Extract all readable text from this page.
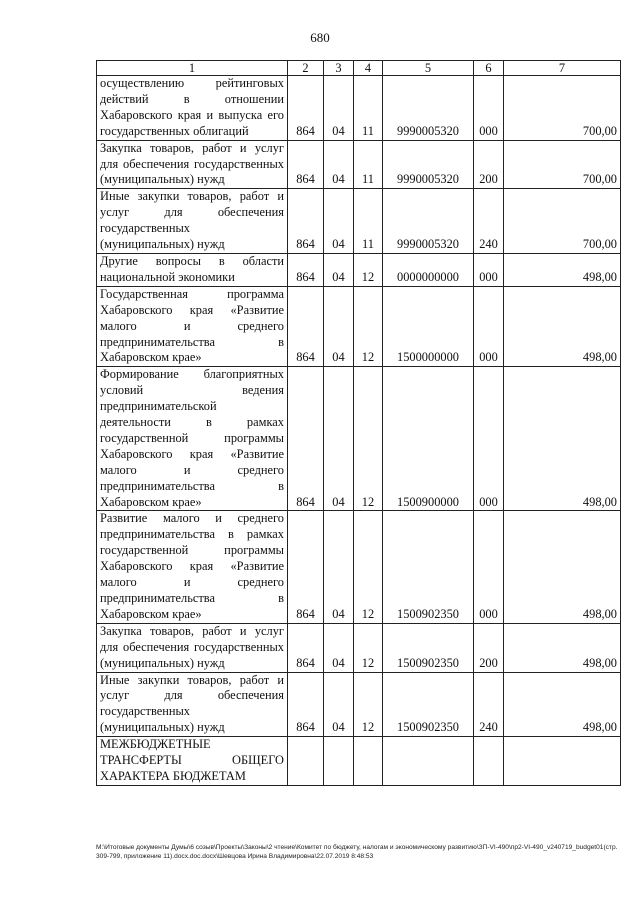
680
1	2	3	4	5	6	7
осуществлению рейтинговых действий в отношении Хабаровского края и выпуска его государственных облигаций	864	04	11	9990005320	000	700,00
Закупка товаров, работ и услуг для обеспечения государственных (муниципальных) нужд	864	04	11	9990005320	200	700,00
Иные закупки товаров, работ и услуг для обеспечения государственных (муниципальных) нужд	864	04	11	9990005320	240	700,00
Другие вопросы в области национальной экономики	864	04	12	0000000000	000	498,00
Государственная программа Хабаровского края «Развитие малого и среднего предпринимательства в Хабаровском крае»	864	04	12	1500000000	000	498,00
Формирование благоприятных условий ведения предпринимательской деятельности в рамках государственной программы Хабаровского края «Развитие малого и среднего предпринимательства в Хабаровском крае»	864	04	12	1500900000	000	498,00
Развитие малого и среднего предпринимательства в рамках государственной программы Хабаровского края «Развитие малого и среднего предпринимательства в Хабаровском крае»	864	04	12	1500902350	000	498,00
Закупка товаров, работ и услуг для обеспечения государственных (муниципальных) нужд	864	04	12	1500902350	200	498,00
Иные закупки товаров, работ и услуг для обеспечения государственных (муниципальных) нужд	864	04	12	1500902350	240	498,00
МЕЖБЮДЖЕТНЫЕ ТРАНСФЕРТЫ ОБЩЕГО ХАРАКТЕРА БЮДЖЕТАМ						
M:\Итоговые документы Думы\6 созыв\Проекты\Законы\2 чтение\Комитет по бюджету, налогам и экономическому развитию\ЗП-VI-490\пр2-VI-490_v240719_budget01(стр.309-799, приложение 11).docx.doc.docx\Шевцова Ирина Владимировна\22.07.2019 8:48:53
